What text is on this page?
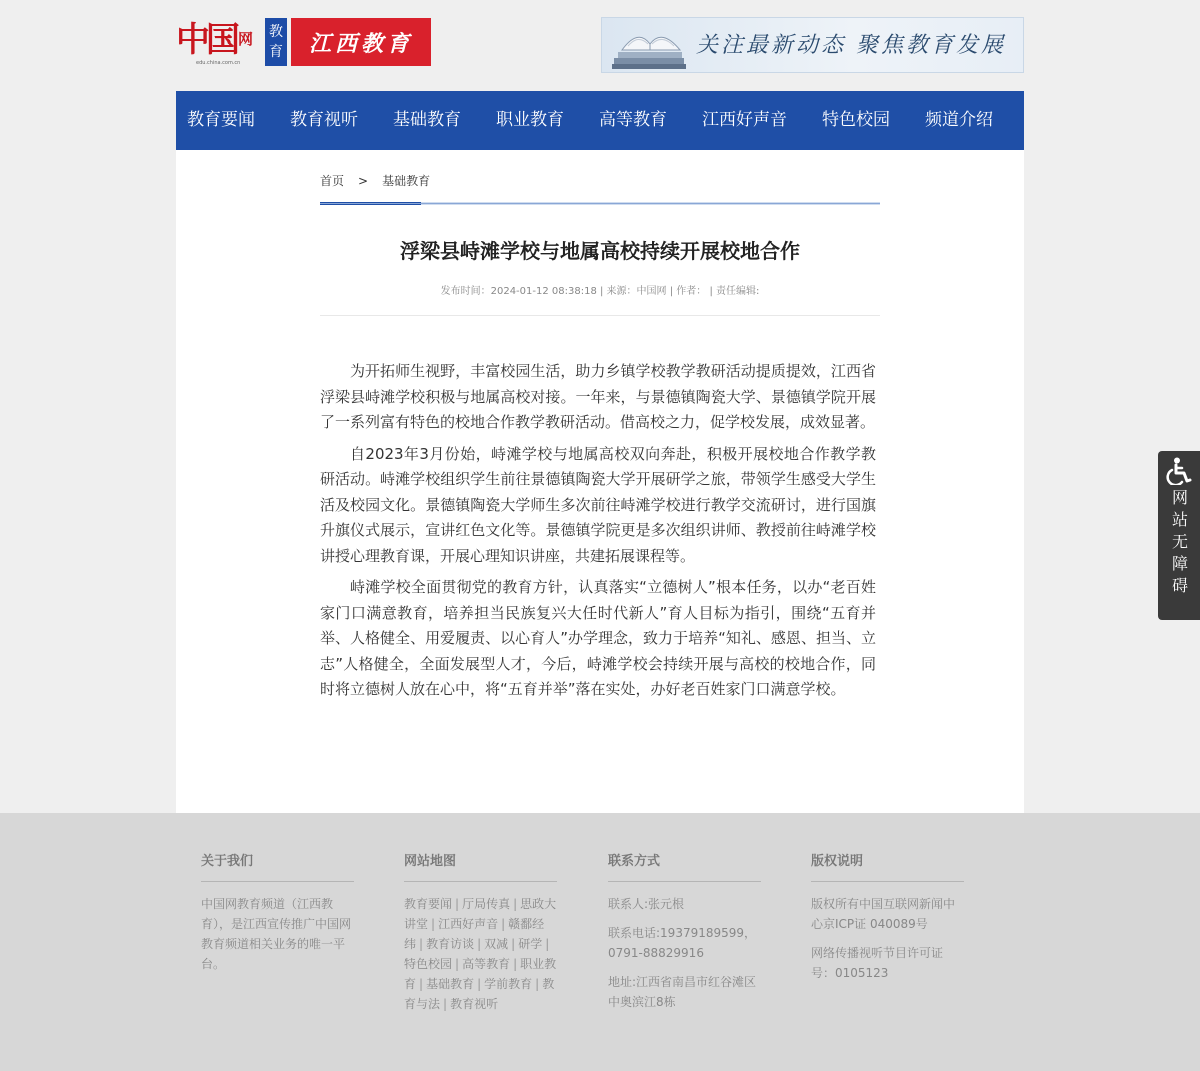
中国 网
edu.china.com.cn
教育	江西教育	关注最新动态 聚焦教育发展
教育要闻 教育视听 基础教育 职业教育 高等教育 江西好声音 特色校园 频道介绍
首页 > 基础教育
浮梁县峙滩学校与地属高校持续开展校地合作
发布时间：2024-01-12 08:38:18 | 来源：中国网 | 作者： | 责任编辑:

为开拓师生视野，丰富校园生活，助力乡镇学校教学教研活动提质提效，江西省浮梁县峙滩学校积极与地属高校对接。一年来，与景德镇陶瓷大学、景德镇学院开展了一系列富有特色的校地合作教学教研活动。借高校之力，促学校发展，成效显著。

自2023年3月份始，峙滩学校与地属高校双向奔赴，积极开展校地合作教学教研活动。峙滩学校组织学生前往景德镇陶瓷大学开展研学之旅，带领学生感受大学生活及校园文化。景德镇陶瓷大学师生多次前往峙滩学校进行教学交流研讨，进行国旗升旗仪式展示，宣讲红色文化等。景德镇学院更是多次组织讲师、教授前往峙滩学校讲授心理教育课，开展心理知识讲座，共建拓展课程等。

峙滩学校全面贯彻党的教育方针，认真落实“立德树人”根本任务，以办“老百姓家门口满意教育，培养担当民族复兴大任时代新人”育人目标为指引，围绕“五育并举、人格健全、用爱履责、以心育人”办学理念，致力于培养“知礼、感恩、担当、立志”人格健全，全面发展型人才，今后，峙滩学校会持续开展与高校的校地合作，同时将立德树人放在心中，将“五育并举”落在实处，办好老百姓家门口满意学校。

网站无障碍
关于我们
中国网教育频道（江西教育），是江西宣传推广中国网教育频道相关业务的唯一平台。
网站地图
教育要闻 | 厅局传真 | 思政大讲堂 | 江西好声音 | 赣鄱经纬 | 教育访谈 | 双减 | 研学 |特色校园 | 高等教育 | 职业教育 | 基础教育 | 学前教育 | 教育与法 | 教育视听
联系方式
联系人:张元根
联系电话:19379189599，0791-88829916
地址:江西省南昌市红谷滩区中奥滨江8栋
版权说明
版权所有中国互联网新闻中心京ICP证 040089号
网络传播视听节目许可证号：0105123
